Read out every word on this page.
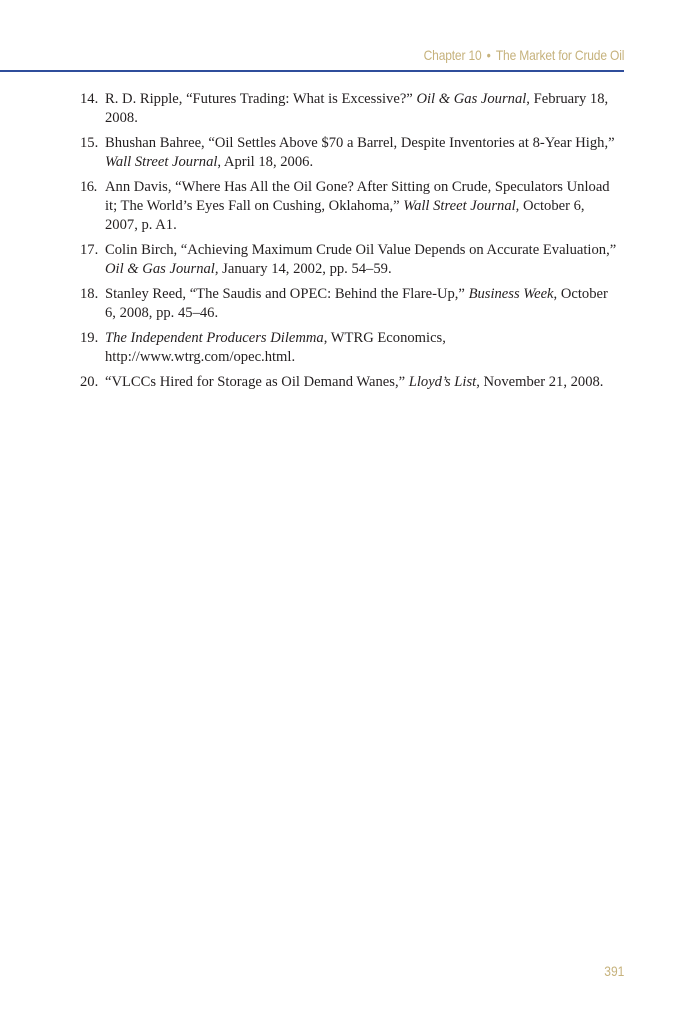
Chapter 10 • The Market for Crude Oil
14. R. D. Ripple, “Futures Trading: What is Excessive?” Oil & Gas Journal, February 18, 2008.
15. Bhushan Bahree, “Oil Settles Above $70 a Barrel, Despite Inventories at 8-Year High,” Wall Street Journal, April 18, 2006.
16. Ann Davis, “Where Has All the Oil Gone? After Sitting on Crude, Speculators Unload it; The World’s Eyes Fall on Cushing, Oklahoma,” Wall Street Journal, October 6, 2007, p. A1.
17. Colin Birch, “Achieving Maximum Crude Oil Value Depends on Accurate Evaluation,” Oil & Gas Journal, January 14, 2002, pp. 54–59.
18. Stanley Reed, “The Saudis and OPEC: Behind the Flare-Up,” Business Week, October 6, 2008, pp. 45–46.
19. The Independent Producers Dilemma, WTRG Economics, http://www.wtrg.com/opec.html.
20. “VLCCs Hired for Storage as Oil Demand Wanes,” Lloyd’s List, November 21, 2008.
391
